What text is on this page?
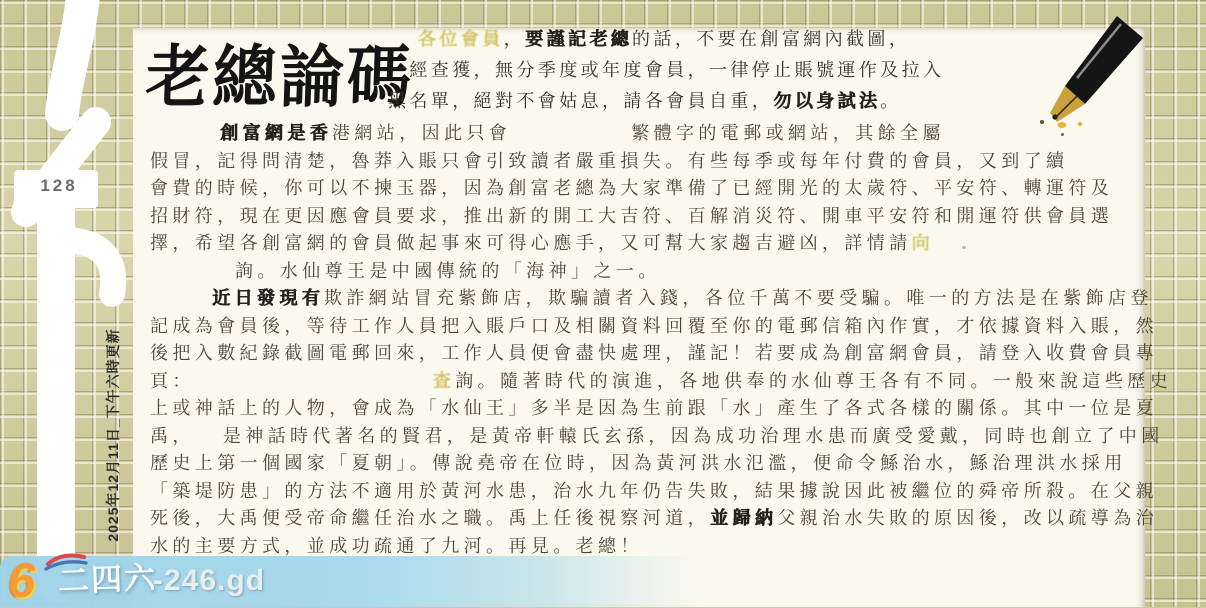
128
2025年12月11日_下午六時更新
老總論碼 各位會員，要謹記老總的話，不要在創富網內截圖，
一經查獲，無分季度或年度會員，一律停止賬號運作及拉入
黑名單，絕對不會姑息，請各會員自重，勿以身試法。
創富網是香港網站，因此只會	繁體字的電郵或網站，其餘全屬
假冒，記得問清楚，魯莽入賬只會引致讀者嚴重損失。有些每季或每年付費的會員，又到了續
會費的時候，你可以不揀玉器，因為創富老總為大家準備了已經開光的太歲符、平安符、轉運符及
招財符，現在更因應會員要求，推出新的開工大吉符、百解消災符、開車平安符和開運符供會員選
擇，希望各創富網的會員做起事來可得心應手，又可幫大家趨吉避凶，詳情請向
詢。水仙尊王是中國傳統的「海神」之一。
近日發現有欺詐網站冒充紫飾店，欺騙讀者入錢，各位千萬不要受騙。唯一的方法是在紫飾店登
記成為會員後，等待工作人員把入賬戶口及相關資料回覆至你的電郵信箱內作實，才依據資料入賬，然
後把入數紀錄截圖電郵回來，工作人員便會盡快處理，謹記！若要成為創富網會員，請登入收費會員專
頁：	查詢。隨著時代的演進，各地供奉的水仙尊王各有不同。一般來說這些歷史
上或神話上的人物，會成為「水仙王」多半是因為生前跟「水」產生了各式各樣的關係。其中一位是夏
禹， 是神話時代著名的賢君，是黃帝軒轅氏玄孫，因為成功治理水患而廣受愛戴，同時也創立了中國
歷史上第一個國家「夏朝」。傳說堯帝在位時，因為黃河洪水氾濫，便命令鯀治水，鯀治理洪水採用
「築堤防患」的方法不適用於黃河水患，治水九年仍告失敗，結果據說因此被繼位的舜帝所殺。在父親
死後，大禹便受帝命繼任治水之職。禹上任後視察河道，並歸納父親治水失敗的原因後，改以疏導為治
水的主要方式，並成功疏通了九河。再見。老總！
6 二四六
-246.gd
